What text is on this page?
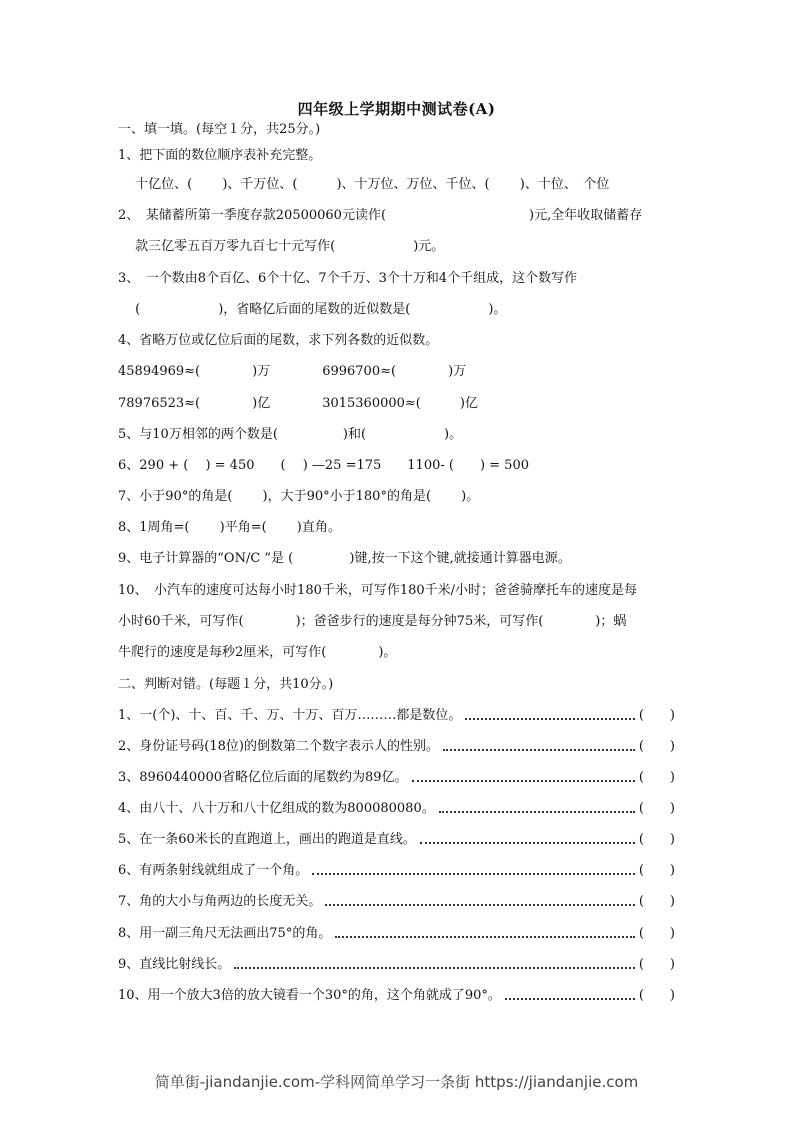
四年级上学期期中测试卷(A)
一、填一填。(每空１分，共25分。)
1、把下面的数位顺序表补充完整。
　 十亿位、(　　 )、千万位、(　　　)、十万位、万位、千位、(　　 )、十位、　个位
2、　某储蓄所第一季度存款20500060元读作(　　　　　　　　　　　)元,全年收取储蓄存
　 款三亿零五百万零九百七十元写作(　　　　　　)元。
3、　一个数由8个百亿、6个十亿、7个千万、3个十万和4个千组成，这个数写作
　 (　　　　　　)，省略亿后面的尾数的近似数是(　　　　　　)。
4、省略万位或亿位后面的尾数，求下列各数的近似数。
45894969≈(　　　　)万　　　　6996700≈(　　　　)万
78976523≈(　　　　)亿　　　　3015360000≈(　　　)亿
5、与10万相邻的两个数是(　　　　　)和(　　　　　　)。
6、290 + (　 ) = 450　　(　 ) —25 =175　　1100- (　　) = 500
7、小于90°的角是(　　 )，大于90°小于180°的角是(　　 )。
8、1周角=(　　 )平角=(　　 )直角。
9、电子计算器的“ON/C ”是 (　　　　 )键,按一下这个键,就接通计算器电源。
10、　小汽车的速度可达每小时180千米，可写作180千米/小时；爸爸骑摩托车的速度是每
小时60千米，可写作(　　　　)；爸爸步行的速度是每分钟75米，可写作(　　　　)；蜗
牛爬行的速度是每秒2厘米，可写作(　　　　)。
二、判断对错。(每题１分，共10分。)
1、一(个)、十、百、千、万、十万、百万………都是数位。	(　　)
2、身份证号码(18位)的倒数第二个数字表示人的性别。	(　　)
3、8960440000省略亿位后面的尾数约为89亿。	(　　)
4、由八十、八十万和八十亿组成的数为800080080。	(　　)
5、在一条60米长的直跑道上，画出的跑道是直线。	(　　)
6、有两条射线就组成了一个角。	(　　)
7、角的大小与角两边的长度无关。	(　　)
8、用一副三角尺无法画出75°的角。	(　　)
9、直线比射线长。	(　　)
10、用一个放大3倍的放大镜看一个30°的角，这个角就成了90°。	(　　)
简单街-jiandanjie.com-学科网简单学习一条街 https://jiandanjie.com
